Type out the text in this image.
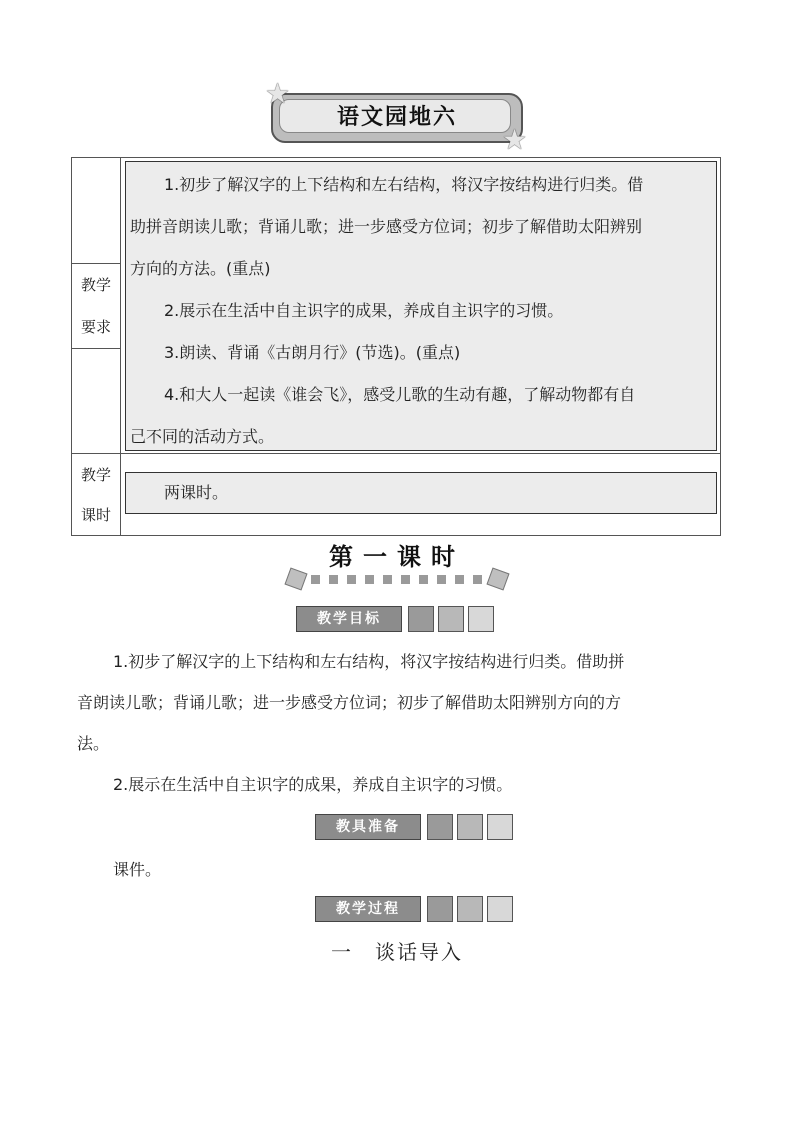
语文园地六
★
★
教学
要求
教学
课时

1.初步了解汉字的上下结构和左右结构，将汉字按结构进行归类。借

助拼音朗读儿歌；背诵儿歌；进一步感受方位词；初步了解借助太阳辨别

方向的方法。(重点)

2.展示在生活中自主识字的成果，养成自主识字的习惯。

3.朗读、背诵《古朗月行》(节选)。(重点)

4.和大人一起读《谁会飞》，感受儿歌的生动有趣，了解动物都有自

己不同的活动方式。

两课时。

第一课时
教学目标

1.初步了解汉字的上下结构和左右结构，将汉字按结构进行归类。借助拼

音朗读儿歌；背诵儿歌；进一步感受方位词；初步了解借助太阳辨别方向的方

法。

2.展示在生活中自主识字的成果，养成自主识字的习惯。

教具准备

课件。

教学过程
一　谈话导入
